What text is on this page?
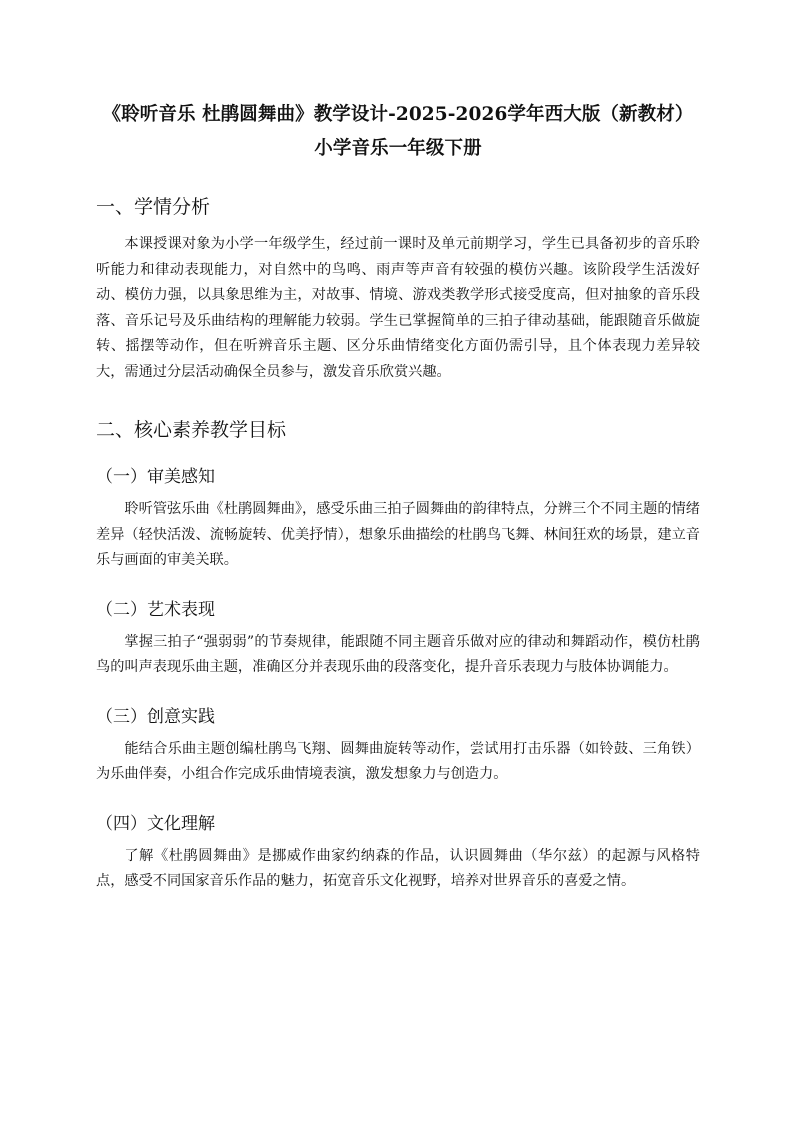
《聆听音乐 杜鹃圆舞曲》教学设计-2025-2026学年西大版（新教材）
小学音乐一年级下册
一、学情分析

本课授课对象为小学一年级学生，经过前一课时及单元前期学习，学生已具备初步的音乐聆听能力和律动表现能力，对自然中的鸟鸣、雨声等声音有较强的模仿兴趣。该阶段学生活泼好动、模仿力强，以具象思维为主，对故事、情境、游戏类教学形式接受度高，但对抽象的音乐段落、音乐记号及乐曲结构的理解能力较弱。学生已掌握简单的三拍子律动基础，能跟随音乐做旋转、摇摆等动作，但在听辨音乐主题、区分乐曲情绪变化方面仍需引导，且个体表现力差异较大，需通过分层活动确保全员参与，激发音乐欣赏兴趣。

二、核心素养教学目标
（一）审美感知

聆听管弦乐曲《杜鹃圆舞曲》，感受乐曲三拍子圆舞曲的韵律特点，分辨三个不同主题的情绪差异（轻快活泼、流畅旋转、优美抒情），想象乐曲描绘的杜鹃鸟飞舞、林间狂欢的场景，建立音乐与画面的审美关联。

（二）艺术表现

掌握三拍子“强弱弱”的节奏规律，能跟随不同主题音乐做对应的律动和舞蹈动作，模仿杜鹃鸟的叫声表现乐曲主题，准确区分并表现乐曲的段落变化，提升音乐表现力与肢体协调能力。

（三）创意实践

能结合乐曲主题创编杜鹃鸟飞翔、圆舞曲旋转等动作，尝试用打击乐器（如铃鼓、三角铁）为乐曲伴奏，小组合作完成乐曲情境表演，激发想象力与创造力。

（四）文化理解

了解《杜鹃圆舞曲》是挪威作曲家约纳森的作品，认识圆舞曲（华尔兹）的起源与风格特点，感受不同国家音乐作品的魅力，拓宽音乐文化视野，培养对世界音乐的喜爱之情。
